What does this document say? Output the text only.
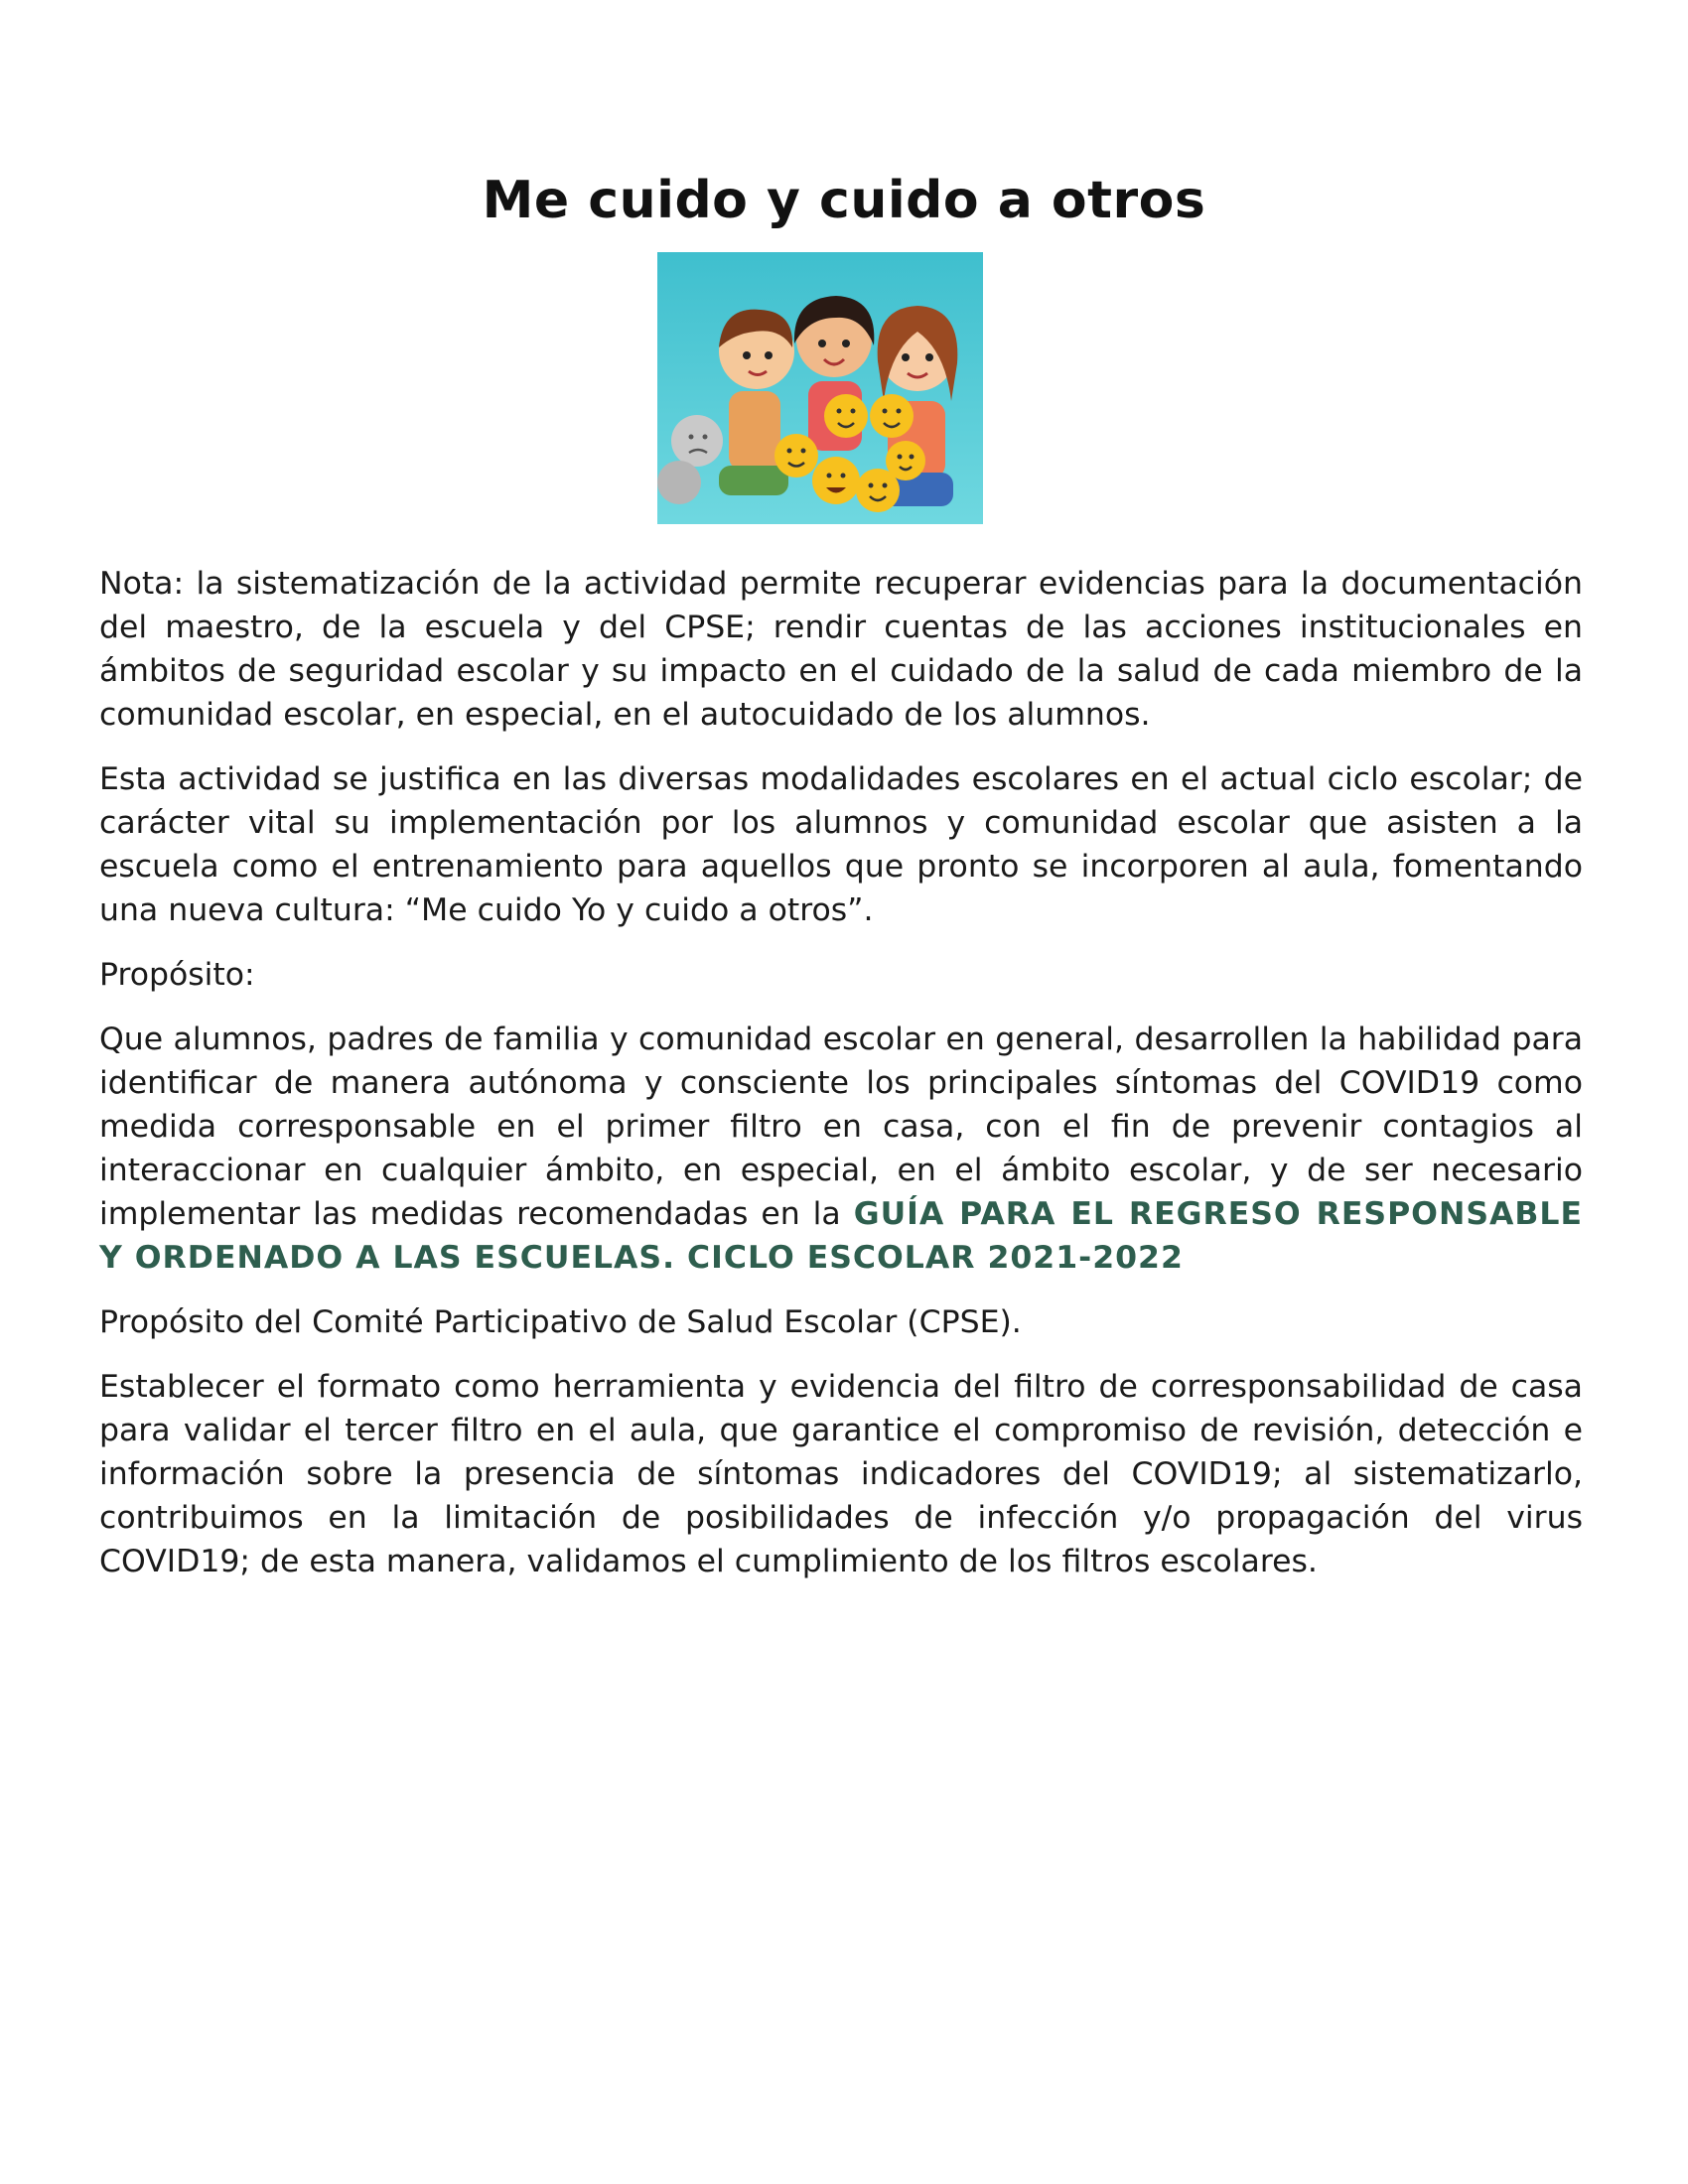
Me cuido y cuido a otros

Nota: la sistematización de la actividad permite recuperar evidencias para la documentación del maestro, de la escuela y del CPSE; rendir cuentas de las acciones institucionales en ámbitos de seguridad escolar y su impacto en el cuidado de la salud de cada miembro de la comunidad escolar, en especial, en el autocuidado de los alumnos.

Esta actividad se justifica en las diversas modalidades escolares en el actual ciclo escolar; de carácter vital su implementación por los alumnos y comunidad escolar que asisten a la escuela como el entrenamiento para aquellos que pronto se incorporen al aula, fomentando una nueva cultura: “Me cuido Yo y cuido a otros”.

Propósito:

Que alumnos, padres de familia y comunidad escolar en general, desarrollen la habilidad para identificar de manera autónoma y consciente los principales síntomas del COVID19 como medida corresponsable en el primer filtro en casa, con el fin de prevenir contagios al interaccionar en cualquier ámbito, en especial, en el ámbito escolar, y de ser necesario implementar las medidas recomendadas en la GUÍA PARA EL REGRESO RESPONSABLE Y ORDENADO A LAS ESCUELAS. CICLO ESCOLAR 2021-2022

Propósito del Comité Participativo de Salud Escolar (CPSE).

Establecer el formato como herramienta y evidencia del filtro de corresponsabilidad de casa para validar el tercer filtro en el aula, que garantice el compromiso de revisión, detección e información sobre la presencia de síntomas indicadores del COVID19; al sistematizarlo, contribuimos en la limitación de posibilidades de infección y/o propagación del virus COVID19; de esta manera, validamos el cumplimiento de los filtros escolares.
